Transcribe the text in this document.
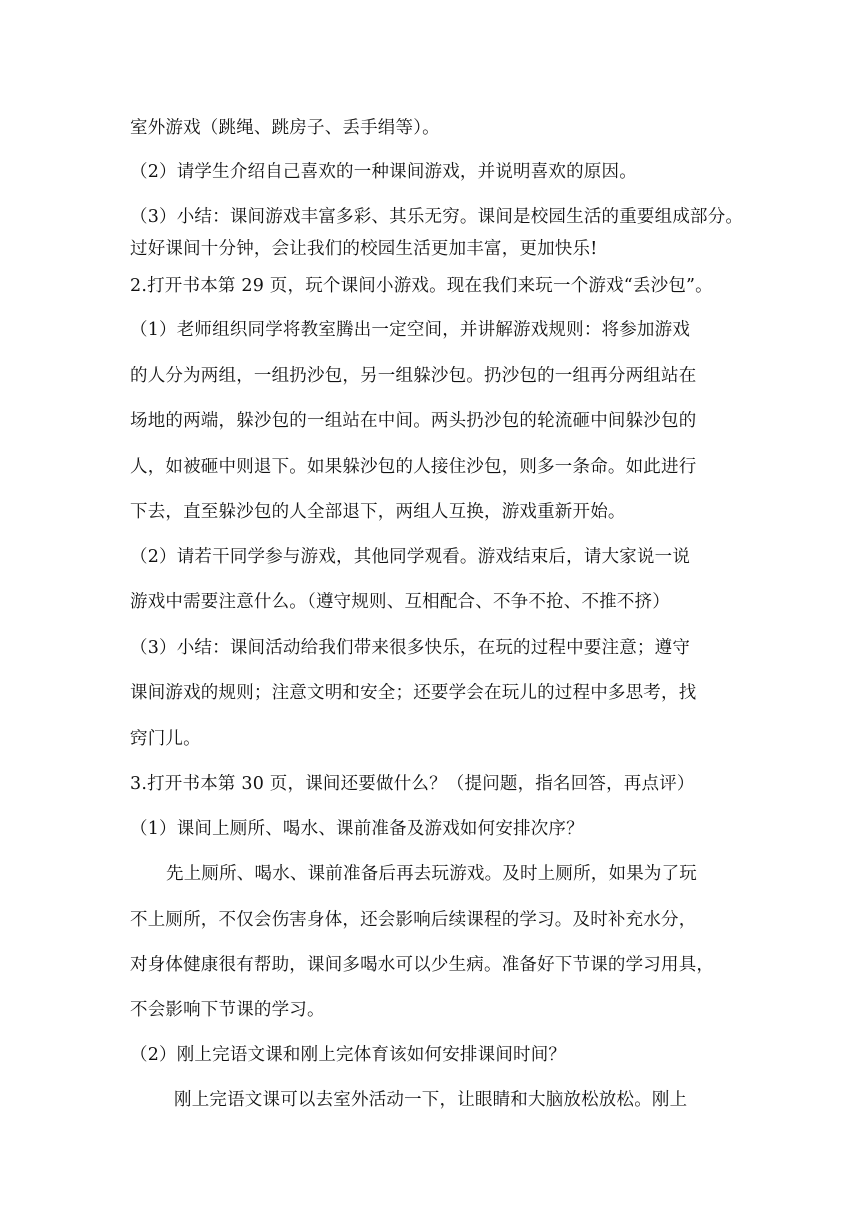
室外游戏（跳绳、跳房子、丢手绢等）。
（2）请学生介绍自己喜欢的一种课间游戏，并说明喜欢的原因。
（3）小结：课间游戏丰富多彩、其乐无穷。课间是校园生活的重要组成部分。
过好课间十分钟，会让我们的校园生活更加丰富，更加快乐!
2.打开书本第 29 页，玩个课间小游戏。现在我们来玩一个游戏“丢沙包”。
（1）老师组织同学将教室腾出一定空间，并讲解游戏规则：将参加游戏
的人分为两组，一组扔沙包，另一组躲沙包。扔沙包的一组再分两组站在
场地的两端，躲沙包的一组站在中间。两头扔沙包的轮流砸中间躲沙包的
人，如被砸中则退下。如果躲沙包的人接住沙包，则多一条命。如此进行
下去，直至躲沙包的人全部退下，两组人互换，游戏重新开始。
（2）请若干同学参与游戏，其他同学观看。游戏结束后，请大家说一说
游戏中需要注意什么。（遵守规则、互相配合、不争不抢、不推不挤）
（3）小结：课间活动给我们带来很多快乐，在玩的过程中要注意；遵守
课间游戏的规则；注意文明和安全；还要学会在玩儿的过程中多思考，找
窍门儿。
3.打开书本第 30 页，课间还要做什么？（提问题，指名回答，再点评）
（1）课间上厕所、喝水、课前准备及游戏如何安排次序？
先上厕所、喝水、课前准备后再去玩游戏。及时上厕所，如果为了玩
不上厕所，不仅会伤害身体，还会影响后续课程的学习。及时补充水分，
对身体健康很有帮助，课间多喝水可以少生病。准备好下节课的学习用具，
不会影响下节课的学习。
（2）刚上完语文课和刚上完体育该如何安排课间时间？
刚上完语文课可以去室外活动一下，让眼睛和大脑放松放松。刚上
